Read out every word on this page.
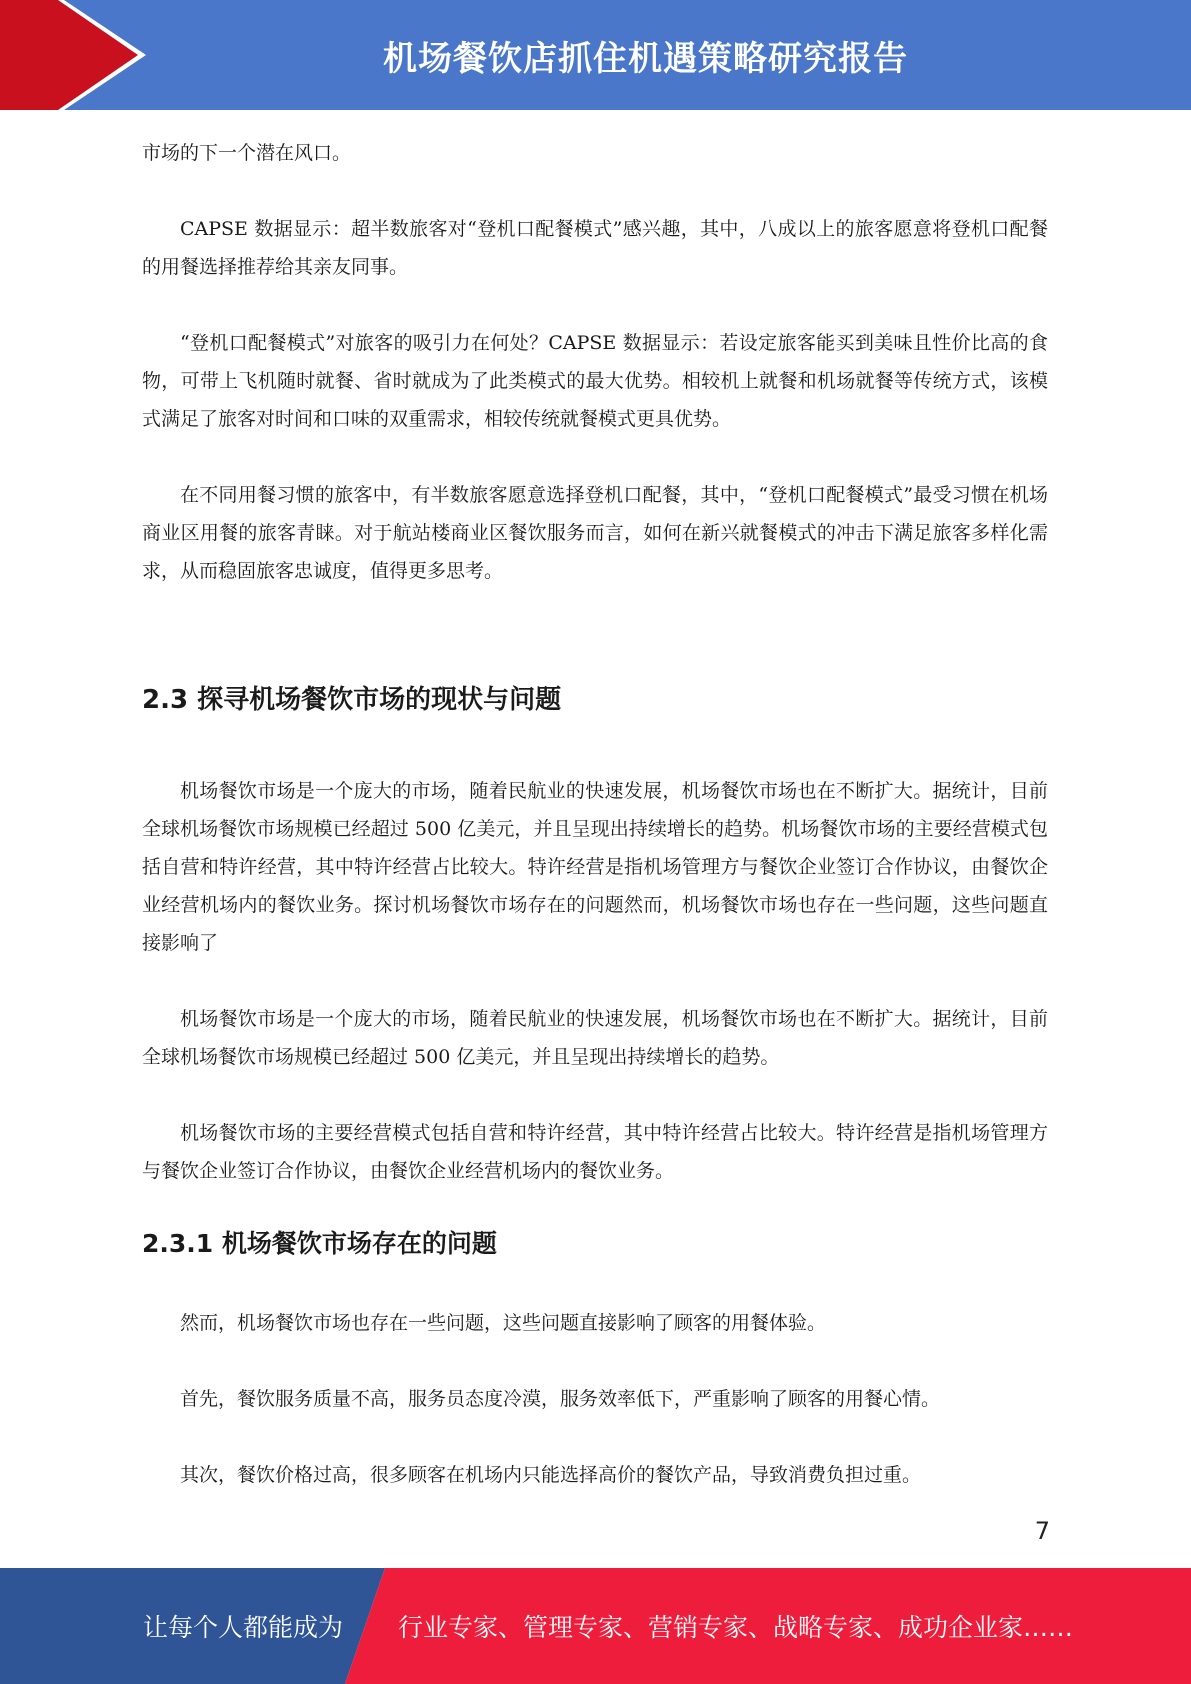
机场餐饮店抓住机遇策略研究报告

市场的下一个潜在风口。

CAPSE 数据显示：超半数旅客对“登机口配餐模式”感兴趣，其中，八成以上的旅客愿意将登机口配餐的用餐选择推荐给其亲友同事。

“登机口配餐模式”对旅客的吸引力在何处？CAPSE 数据显示：若设定旅客能买到美味且性价比高的食物，可带上飞机随时就餐、省时就成为了此类模式的最大优势。相较机上就餐和机场就餐等传统方式，该模式满足了旅客对时间和口味的双重需求，相较传统就餐模式更具优势。

在不同用餐习惯的旅客中，有半数旅客愿意选择登机口配餐，其中，“登机口配餐模式”最受习惯在机场商业区用餐的旅客青睐。对于航站楼商业区餐饮服务而言，如何在新兴就餐模式的冲击下满足旅客多样化需求，从而稳固旅客忠诚度，值得更多思考。

2.3 探寻机场餐饮市场的现状与问题

机场餐饮市场是一个庞大的市场，随着民航业的快速发展，机场餐饮市场也在不断扩大。据统计，目前全球机场餐饮市场规模已经超过 500 亿美元，并且呈现出持续增长的趋势。机场餐饮市场的主要经营模式包括自营和特许经营，其中特许经营占比较大。特许经营是指机场管理方与餐饮企业签订合作协议，由餐饮企业经营机场内的餐饮业务。探讨机场餐饮市场存在的问题然而，机场餐饮市场也存在一些问题，这些问题直接影响了

机场餐饮市场是一个庞大的市场，随着民航业的快速发展，机场餐饮市场也在不断扩大。据统计，目前全球机场餐饮市场规模已经超过 500 亿美元，并且呈现出持续增长的趋势。

机场餐饮市场的主要经营模式包括自营和特许经营，其中特许经营占比较大。特许经营是指机场管理方与餐饮企业签订合作协议，由餐饮企业经营机场内的餐饮业务。

2.3.1 机场餐饮市场存在的问题

然而，机场餐饮市场也存在一些问题，这些问题直接影响了顾客的用餐体验。

首先，餐饮服务质量不高，服务员态度冷漠，服务效率低下，严重影响了顾客的用餐心情。

其次，餐饮价格过高，很多顾客在机场内只能选择高价的餐饮产品，导致消费负担过重。

7
让每个人都能成为 行业专家、管理专家、营销专家、战略专家、成功企业家……
